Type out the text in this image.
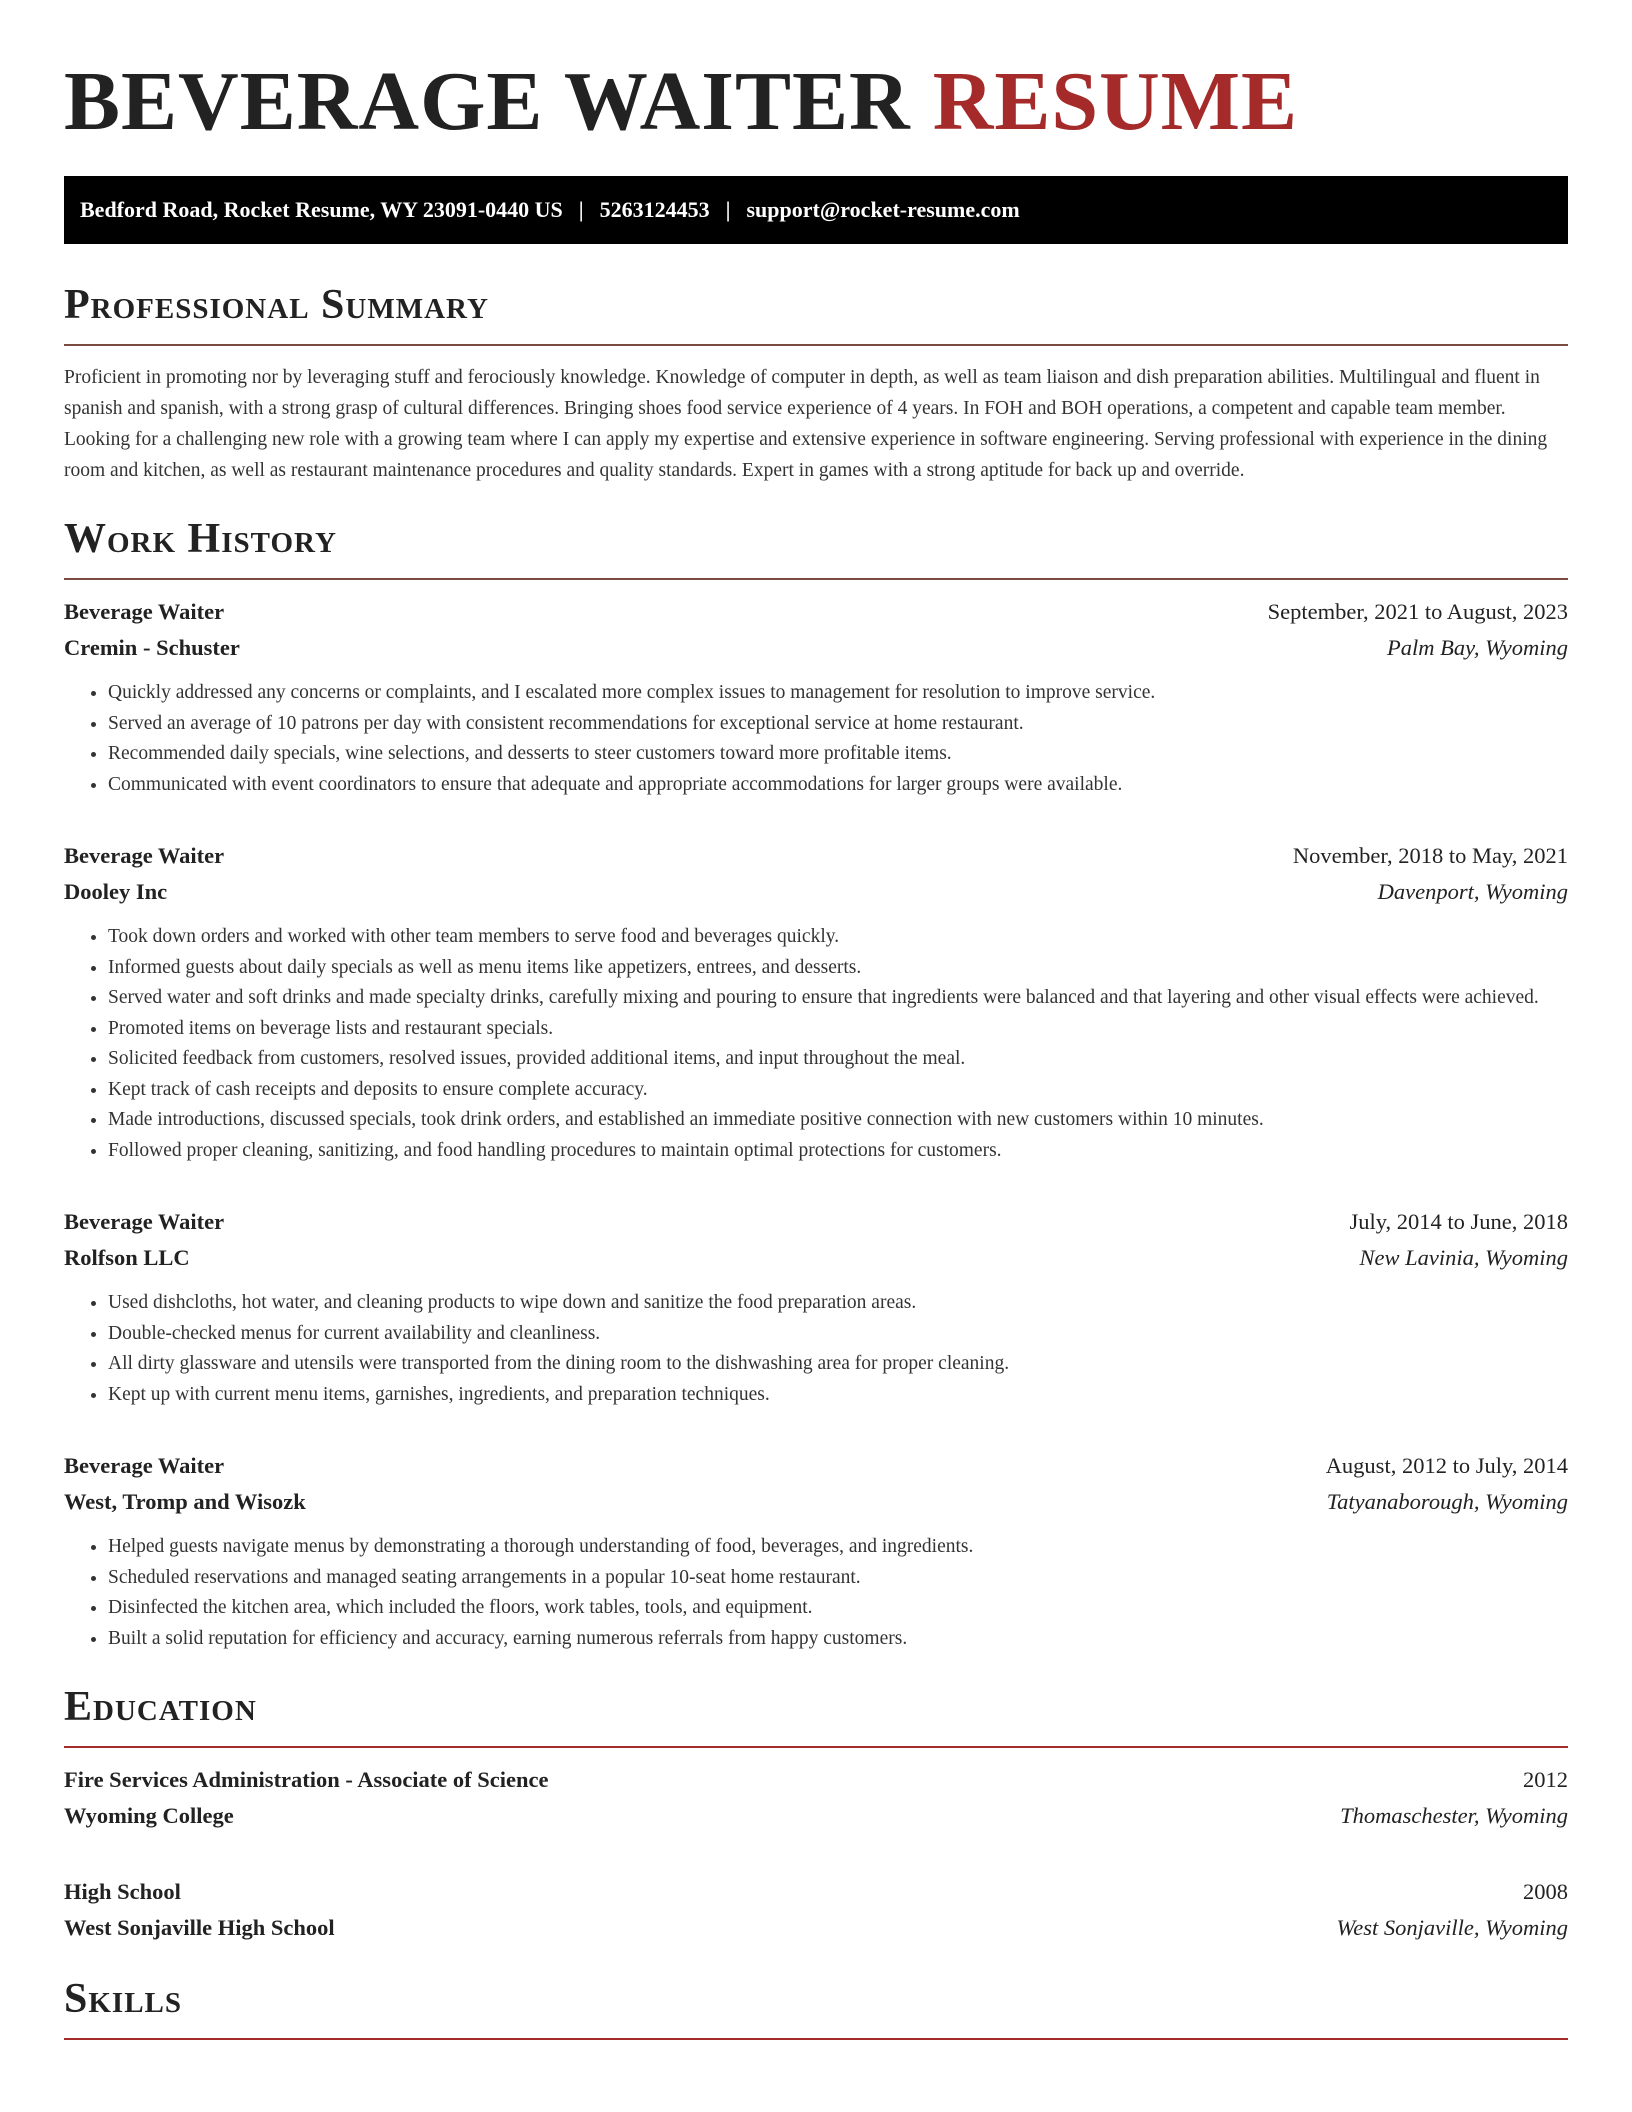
BEVERAGE WAITER RESUME
Bedford Road, Rocket Resume, WY 23091-0440 US | 5263124453 | support@rocket-resume.com
Professional Summary

Proficient in promoting nor by leveraging stuff and ferociously knowledge. Knowledge of computer in depth, as well as team liaison and dish preparation abilities. Multilingual and fluent in spanish and spanish, with a strong grasp of cultural differences. Bringing shoes food service experience of 4 years. In FOH and BOH operations, a competent and capable team member. Looking for a challenging new role with a growing team where I can apply my expertise and extensive experience in software engineering. Serving professional with experience in the dining room and kitchen, as well as restaurant maintenance procedures and quality standards. Expert in games with a strong aptitude for back up and override.

Work History
Beverage Waiter	September, 2021 to August, 2023
Cremin - Schuster	Palm Bay, Wyoming
• Quickly addressed any concerns or complaints, and I escalated more complex issues to management for resolution to improve service.
• Served an average of 10 patrons per day with consistent recommendations for exceptional service at home restaurant.
• Recommended daily specials, wine selections, and desserts to steer customers toward more profitable items.
• Communicated with event coordinators to ensure that adequate and appropriate accommodations for larger groups were available.
Beverage Waiter	November, 2018 to May, 2021
Dooley Inc	Davenport, Wyoming
• Took down orders and worked with other team members to serve food and beverages quickly.
• Informed guests about daily specials as well as menu items like appetizers, entrees, and desserts.
• Served water and soft drinks and made specialty drinks, carefully mixing and pouring to ensure that ingredients were balanced and that layering and other visual effects were achieved.
• Promoted items on beverage lists and restaurant specials.
• Solicited feedback from customers, resolved issues, provided additional items, and input throughout the meal.
• Kept track of cash receipts and deposits to ensure complete accuracy.
• Made introductions, discussed specials, took drink orders, and established an immediate positive connection with new customers within 10 minutes.
• Followed proper cleaning, sanitizing, and food handling procedures to maintain optimal protections for customers.
Beverage Waiter	July, 2014 to June, 2018
Rolfson LLC	New Lavinia, Wyoming
• Used dishcloths, hot water, and cleaning products to wipe down and sanitize the food preparation areas.
• Double-checked menus for current availability and cleanliness.
• All dirty glassware and utensils were transported from the dining room to the dishwashing area for proper cleaning.
• Kept up with current menu items, garnishes, ingredients, and preparation techniques.
Beverage Waiter	August, 2012 to July, 2014
West, Tromp and Wisozk	Tatyanaborough, Wyoming
• Helped guests navigate menus by demonstrating a thorough understanding of food, beverages, and ingredients.
• Scheduled reservations and managed seating arrangements in a popular 10-seat home restaurant.
• Disinfected the kitchen area, which included the floors, work tables, tools, and equipment.
• Built a solid reputation for efficiency and accuracy, earning numerous referrals from happy customers.
Education
Fire Services Administration - Associate of Science	2012
Wyoming College	Thomaschester, Wyoming
High School	2008
West Sonjaville High School	West Sonjaville, Wyoming
Skills
